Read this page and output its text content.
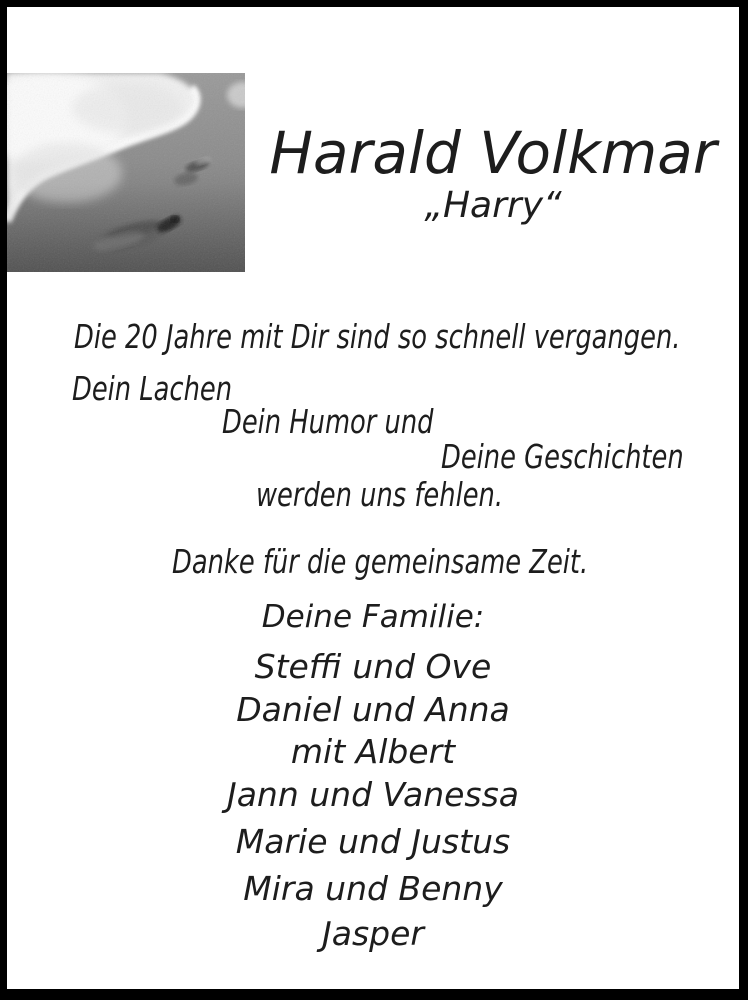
Harald Volkmar
„Harry“
Die 20 Jahre mit Dir sind so schnell vergangen.
Dein Lachen
Dein Humor und
Deine Geschichten
werden uns fehlen.
Danke für die gemeinsame Zeit.
Deine Familie:
Steffi und Ove
Daniel und Anna
mit Albert
Jann und Vanessa
Marie und Justus
Mira und Benny
Jasper
